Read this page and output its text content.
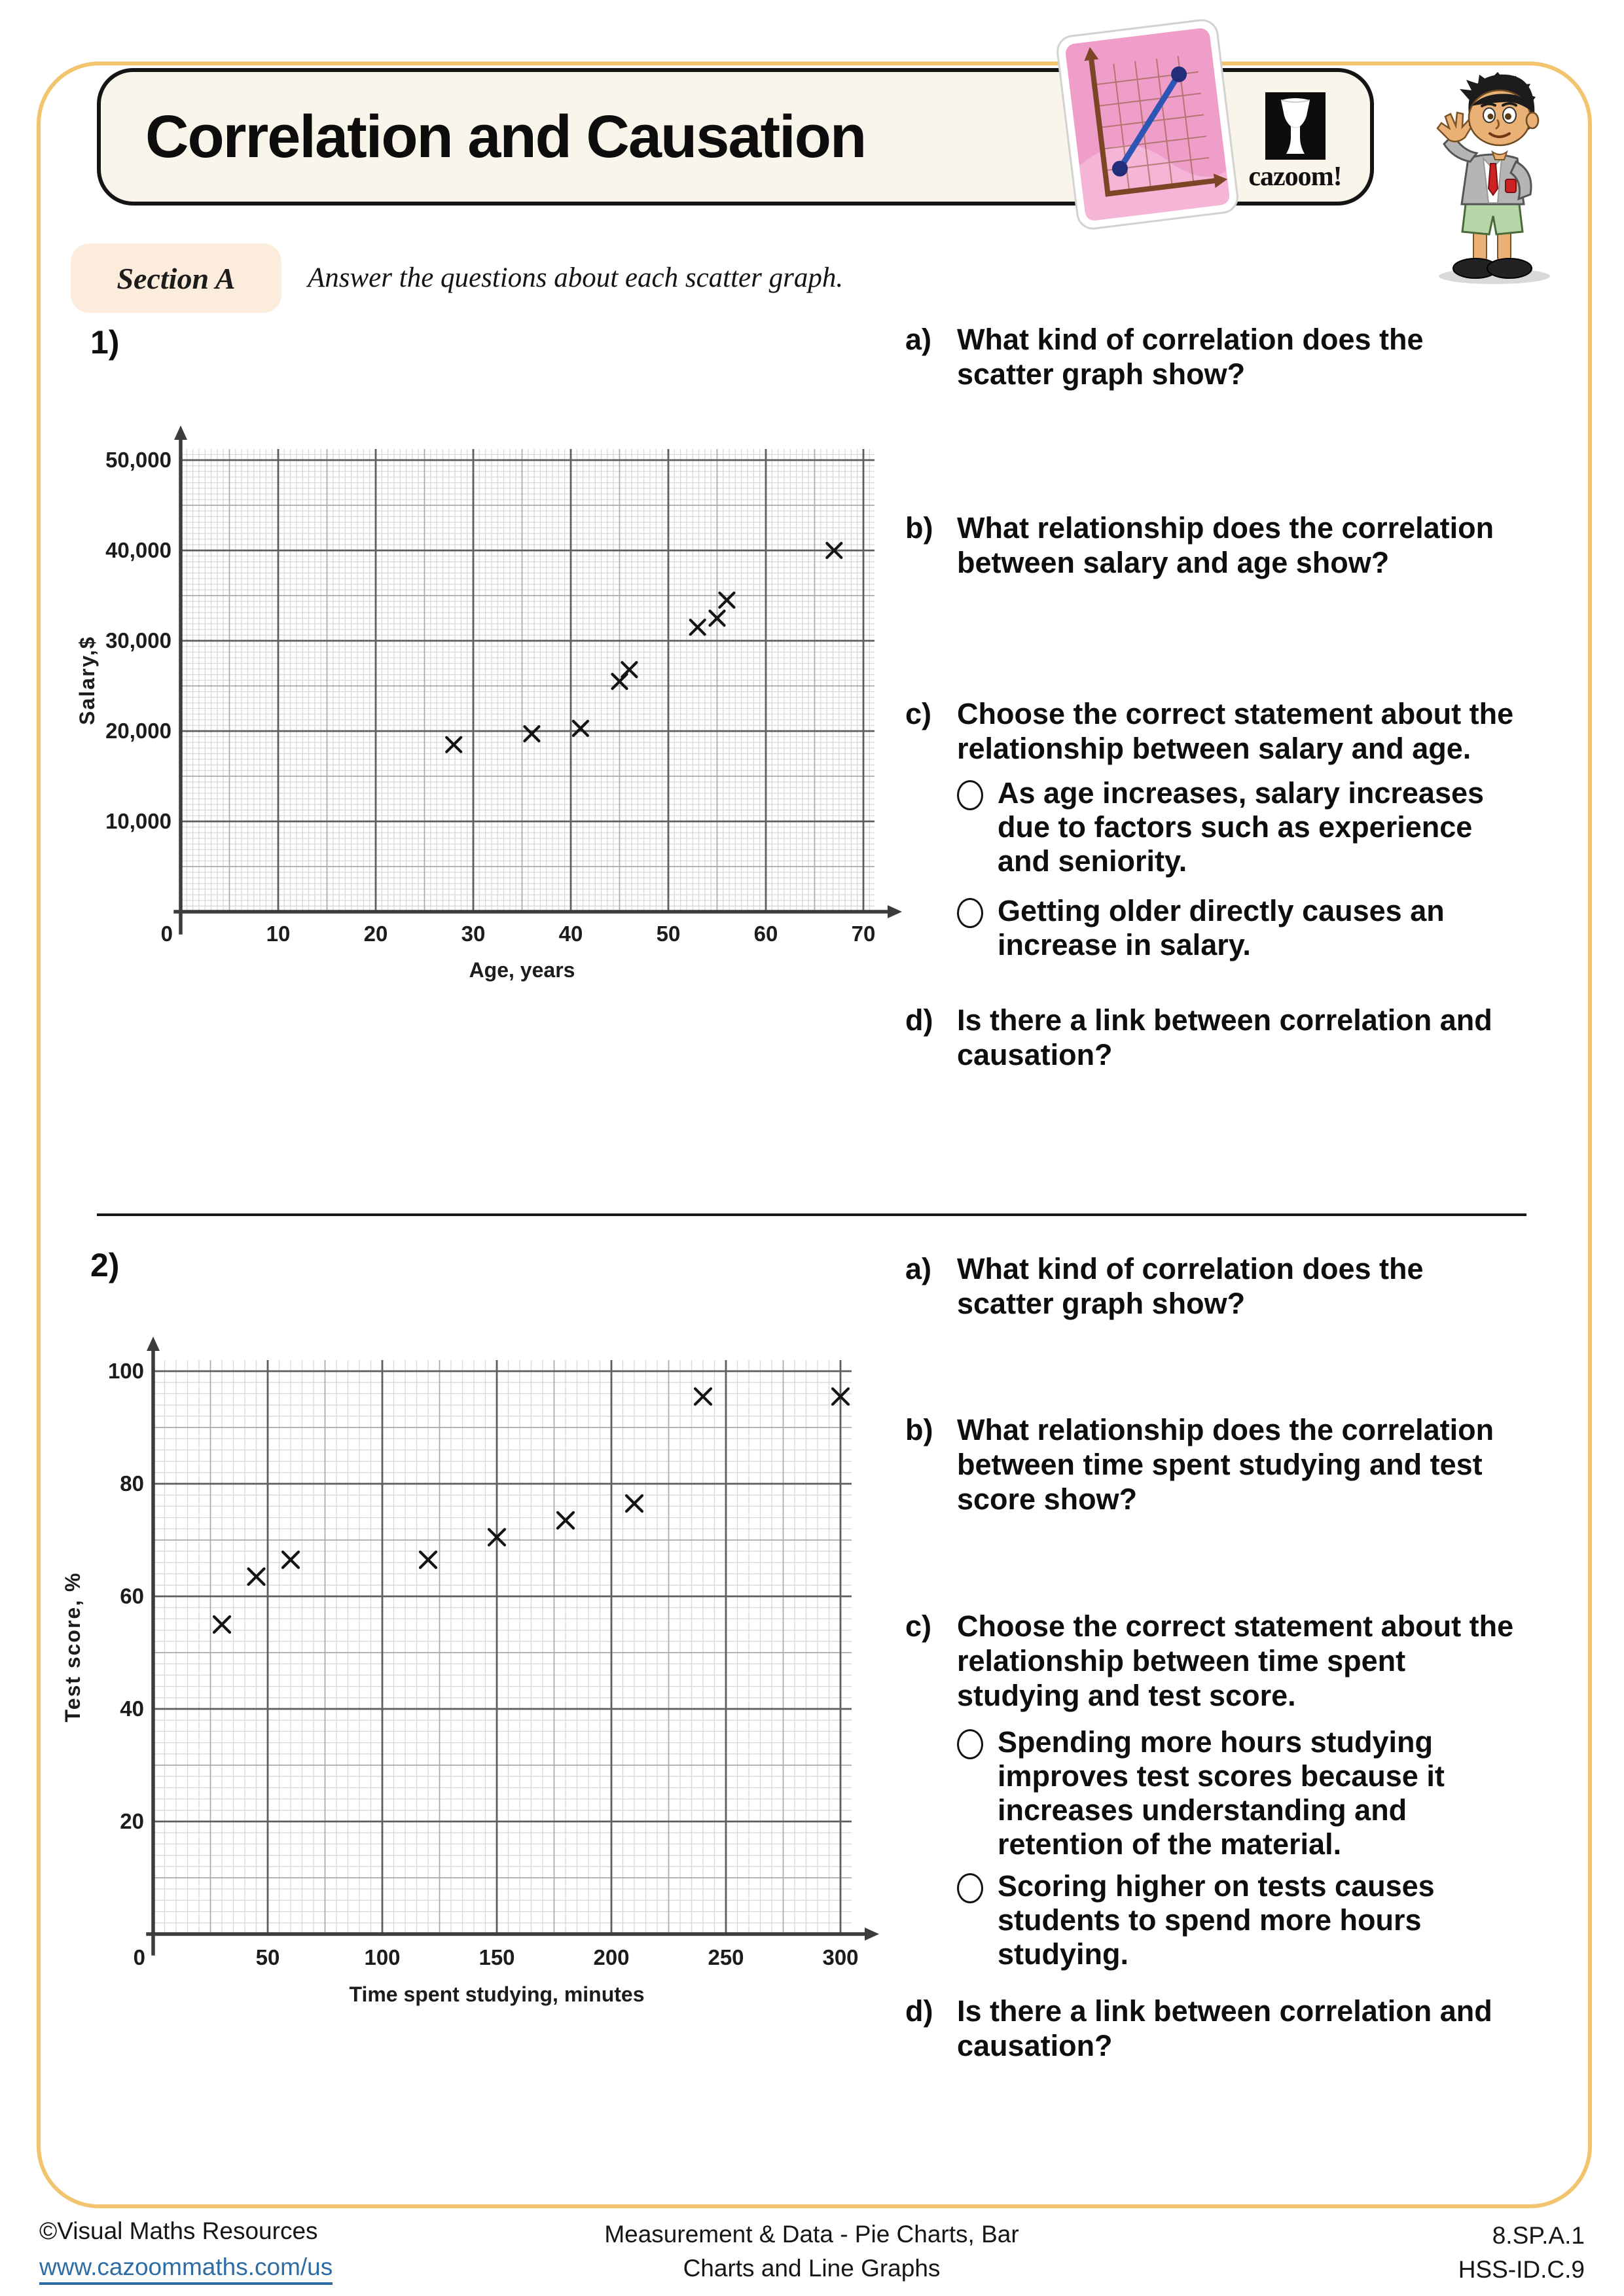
Correlation and Causation
cazoom!
Section A	Answer the questions about each scatter graph.
1)
0	10	20	30	40	50	60	70
10,000
20,000
30,000
40,000
50,000
Age, years
Salary,$
a) What kind of correlation does the scatter graph show?
b) What relationship does the correlation between salary and age show?
c) Choose the correct statement about the relationship between salary and age.
As age increases, salary increases due to factors such as experience and seniority.
Getting older directly causes an increase in salary.
d) Is there a link between correlation and causation?
2)
0	50	100	150	200	250	300
20
40
60
80
100
Time spent studying, minutes
Test score, %
a) What kind of correlation does the scatter graph show?
b) What relationship does the correlation between time spent studying and test score show?
c) Choose the correct statement about the relationship between time spent studying and test score.
Spending more hours studying improves test scores because it increases understanding and retention of the material.
Scoring higher on tests causes students to spend more hours studying.
d) Is there a link between correlation and causation?
©Visual Maths Resources
www.cazoommaths.com/us
Measurement & Data - Pie Charts, Bar
Charts and Line Graphs
8.SP.A.1
HSS-ID.C.9
